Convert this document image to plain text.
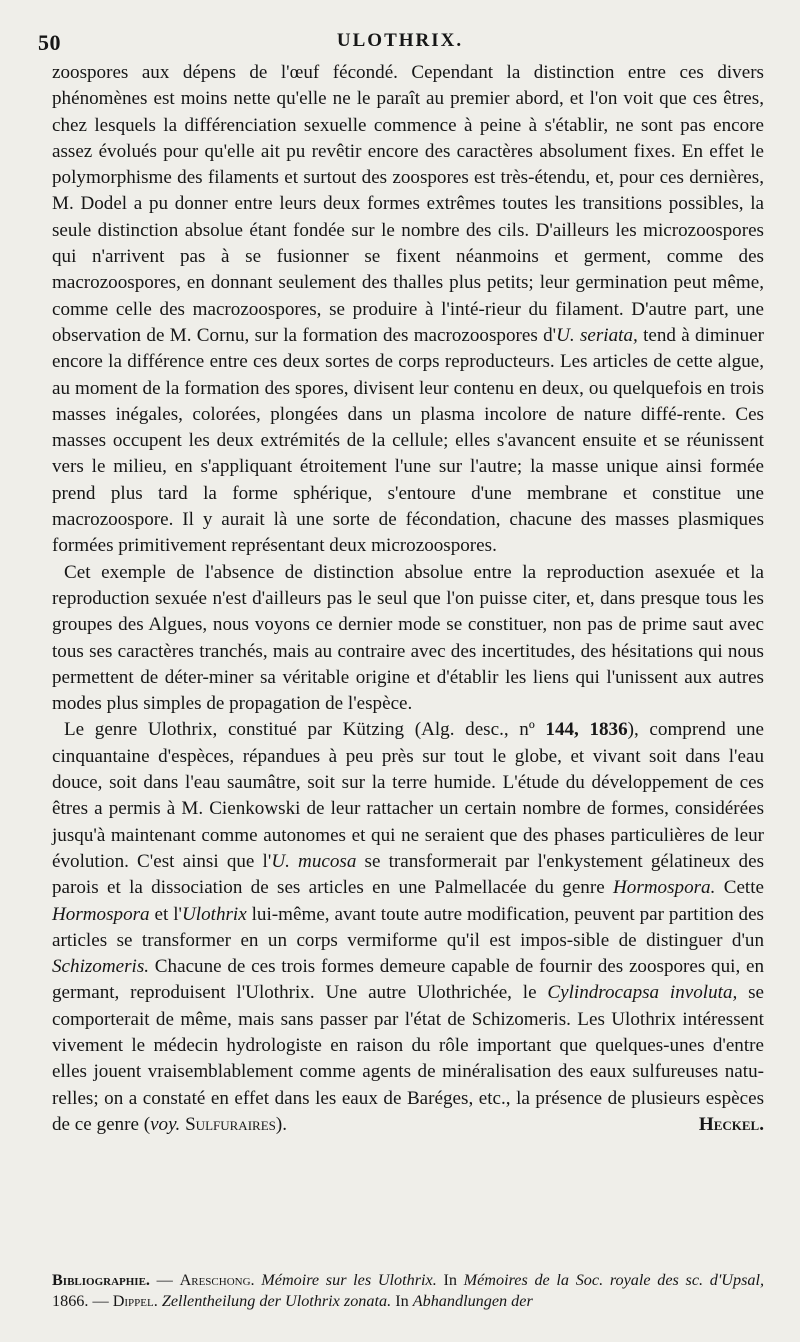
50	ULOTHRIX.

zoospores aux dépens de l'œuf fécondé. Cependant la distinction entre ces divers phénomènes est moins nette qu'elle ne le paraît au premier abord, et l'on voit que ces êtres, chez lesquels la différenciation sexuelle commence à peine à s'établir, ne sont pas encore assez évolués pour qu'elle ait pu revêtir encore des caractères absolument fixes. En effet le polymorphisme des filaments et surtout des zoospores est très-étendu, et, pour ces dernières, M. Dodel a pu donner entre leurs deux formes extrêmes toutes les transitions possibles, la seule distinction absolue étant fondée sur le nombre des cils. D'ailleurs les microzoospores qui n'arrivent pas à se fusionner se fixent néanmoins et germent, comme des macrozoospores, en donnant seulement des thalles plus petits; leur germination peut même, comme celle des macrozoospores, se produire à l'inté-rieur du filament. D'autre part, une observation de M. Cornu, sur la formation des macrozoospores d'U. seriata, tend à diminuer encore la différence entre ces deux sortes de corps reproducteurs. Les articles de cette algue, au moment de la formation des spores, divisent leur contenu en deux, ou quelquefois en trois masses inégales, colorées, plongées dans un plasma incolore de nature diffé-rente. Ces masses occupent les deux extrémités de la cellule; elles s'avancent ensuite et se réunissent vers le milieu, en s'appliquant étroitement l'une sur l'autre; la masse unique ainsi formée prend plus tard la forme sphérique, s'entoure d'une membrane et constitue une macrozoospore. Il y aurait là une sorte de fécondation, chacune des masses plasmiques formées primitivement représentant deux microzoospores.

Cet exemple de l'absence de distinction absolue entre la reproduction asexuée et la reproduction sexuée n'est d'ailleurs pas le seul que l'on puisse citer, et, dans presque tous les groupes des Algues, nous voyons ce dernier mode se constituer, non pas de prime saut avec tous ses caractères tranchés, mais au contraire avec des incertitudes, des hésitations qui nous permettent de déter-miner sa véritable origine et d'établir les liens qui l'unissent aux autres modes plus simples de propagation de l'espèce.

Le genre Ulothrix, constitué par Kützing (Alg. desc., nº 144, 1836), comprend une cinquantaine d'espèces, répandues à peu près sur tout le globe, et vivant soit dans l'eau douce, soit dans l'eau saumâtre, soit sur la terre humide. L'étude du développement de ces êtres a permis à M. Cienkowski de leur rattacher un certain nombre de formes, considérées jusqu'à maintenant comme autonomes et qui ne seraient que des phases particulières de leur évolution. C'est ainsi que l'U. mucosa se transformerait par l'enkystement gélatineux des parois et la dissociation de ses articles en une Palmellacée du genre Hormospora. Cette Hormospora et l'Ulothrix lui-même, avant toute autre modification, peuvent par partition des articles se transformer en un corps vermiforme qu'il est impos-sible de distinguer d'un Schizomeris. Chacune de ces trois formes demeure capable de fournir des zoospores qui, en germant, reproduisent l'Ulothrix. Une autre Ulothrichée, le Cylindrocapsa involuta, se comporterait de même, mais sans passer par l'état de Schizomeris. Les Ulothrix intéressent vivement le médecin hydrologiste en raison du rôle important que quelques-unes d'entre elles jouent vraisemblablement comme agents de minéralisation des eaux sulfureuses natu-relles; on a constaté en effet dans les eaux de Baréges, etc., la présence de plusieurs espèces de ce genre (voy. Sulfuraires).	Heckel.

Bibliographie. — Areschong. Mémoire sur les Ulothrix. In Mémoires de la Soc. royale des sc. d'Upsal, 1866. — Dippel. Zellentheilung der Ulothrix zonata. In Abhandlungen der
